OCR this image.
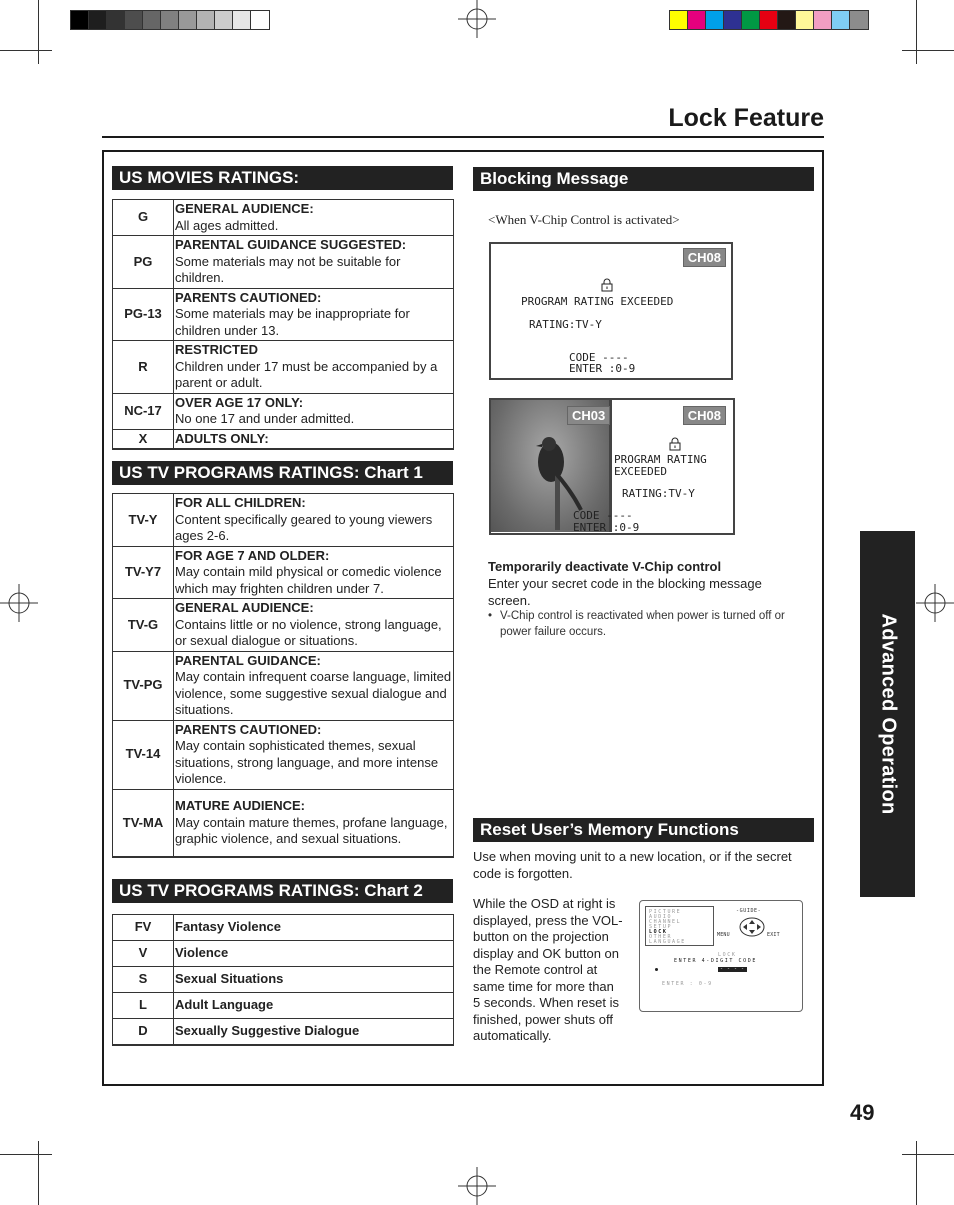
Lock Feature
Advanced Operation
49
US MOVIES RATINGS:
G	GENERAL AUDIENCE:
All ages admitted.
PG	PARENTAL GUIDANCE SUGGESTED:
Some materials may not be suitable for children.
PG-13	PARENTS CAUTIONED:
Some materials may be inappropriate for children under 13.
R	RESTRICTED
Children under 17 must be accompanied by a parent or adult.
NC-17	OVER AGE 17 ONLY:
No one 17 and under admitted.
X	ADULTS ONLY:
US TV PROGRAMS RATINGS: Chart 1
TV-Y	FOR ALL CHILDREN:
Content specifically geared to young viewers ages 2-6.
TV-Y7	FOR AGE 7 AND OLDER:
May contain mild physical or comedic violence which may frighten children under 7.
TV-G	GENERAL AUDIENCE:
Contains little or no violence, strong language, or sexual dialogue or situations.
TV-PG	PARENTAL GUIDANCE:
May contain infrequent coarse language, limited violence, some suggestive sexual dialogue and situations.
TV-14	PARENTS CAUTIONED:
May contain sophisticated themes, sexual situations, strong language, and more intense violence.
TV-MA	MATURE AUDIENCE:
May contain mature themes, profane language, graphic violence, and sexual situations.
US TV PROGRAMS RATINGS: Chart 2
FV	Fantasy Violence
V	Violence
S	Sexual Situations
L	Adult Language
D	Sexually Suggestive Dialogue
Blocking Message
<When V-Chip Control is activated>
CH08
PROGRAM RATING EXCEEDED
RATING:TV-Y
CODE ----
ENTER :0-9
CH03	CH08
PROGRAM RATING
EXCEEDED
RATING:TV-Y
CODE ----
ENTER :0-9
Temporarily deactivate V-Chip control
Enter your secret code in the blocking message screen.
• V-Chip control is reactivated when power is turned off or power failure occurs.
Reset User’s Memory Functions
Use when moving unit to a new location, or if the secret code is forgotten.
While the OSD at right is displayed, press the VOL- button on the projection display and OK button on the Remote control at same time for more than 5 seconds. When reset is finished, power shuts off automatically.
PICTURE
AUDIO
CHANNEL
SETUP
LOCK
OTHER
LANGUAGE
-GUIDE-
MENU	EXIT
LOCK
ENTER 4-DIGIT CODE
- - - -
ENTER : 0-9
